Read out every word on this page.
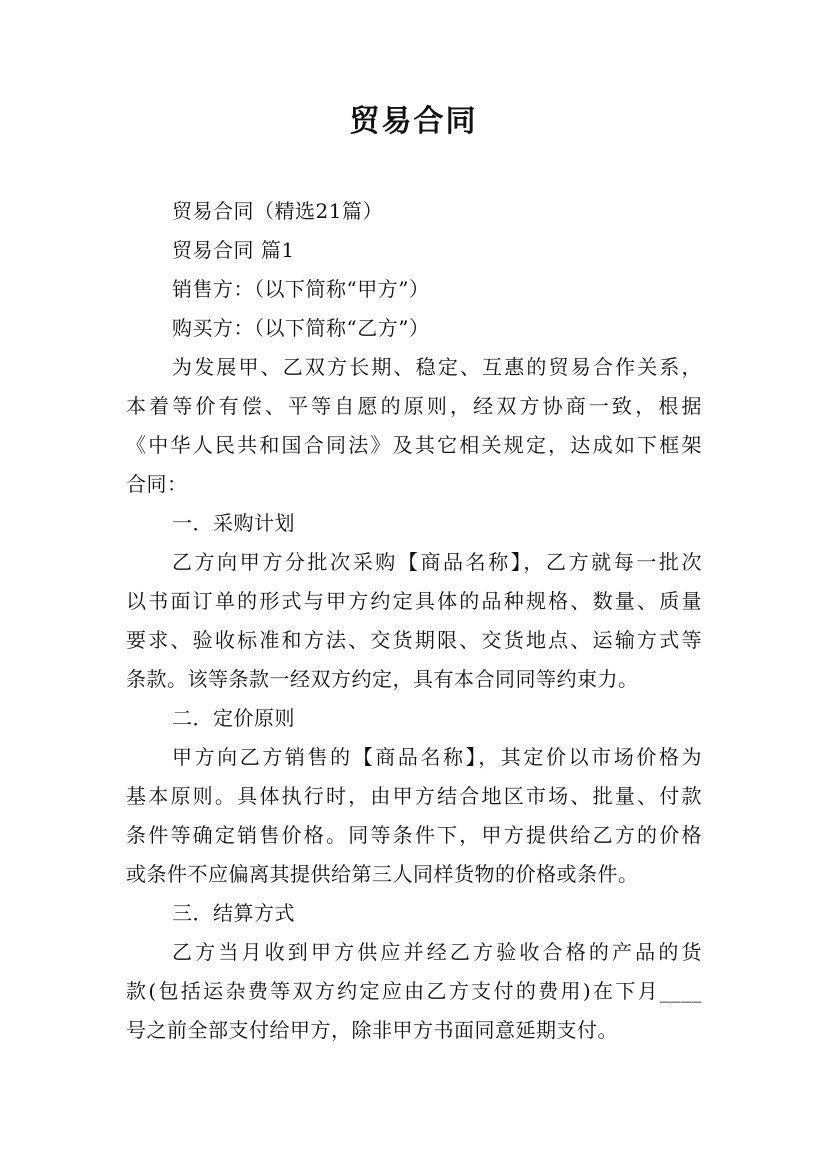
贸易合同
贸易合同（精选21篇）
贸易合同 篇1
销售方：（以下简称“甲方”）
购买方：（以下简称“乙方”）
为发展甲、乙双方长期、稳定、互惠的贸易合作关系，
本着等价有偿、平等自愿的原则，经双方协商一致，根据
《中华人民共和国合同法》及其它相关规定，达成如下框架
合同：
一．采购计划
乙方向甲方分批次采购【商品名称】，乙方就每一批次
以书面订单的形式与甲方约定具体的品种规格、数量、质量
要求、验收标准和方法、交货期限、交货地点、运输方式等
条款。该等条款一经双方约定，具有本合同同等约束力。
二．定价原则
甲方向乙方销售的【商品名称】，其定价以市场价格为
基本原则。具体执行时，由甲方结合地区市场、批量、付款
条件等确定销售价格。同等条件下，甲方提供给乙方的价格
或条件不应偏离其提供给第三人同样货物的价格或条件。
三．结算方式
乙方当月收到甲方供应并经乙方验收合格的产品的货
款(包括运杂费等双方约定应由乙方支付的费用)在下月____
号之前全部支付给甲方，除非甲方书面同意延期支付。
